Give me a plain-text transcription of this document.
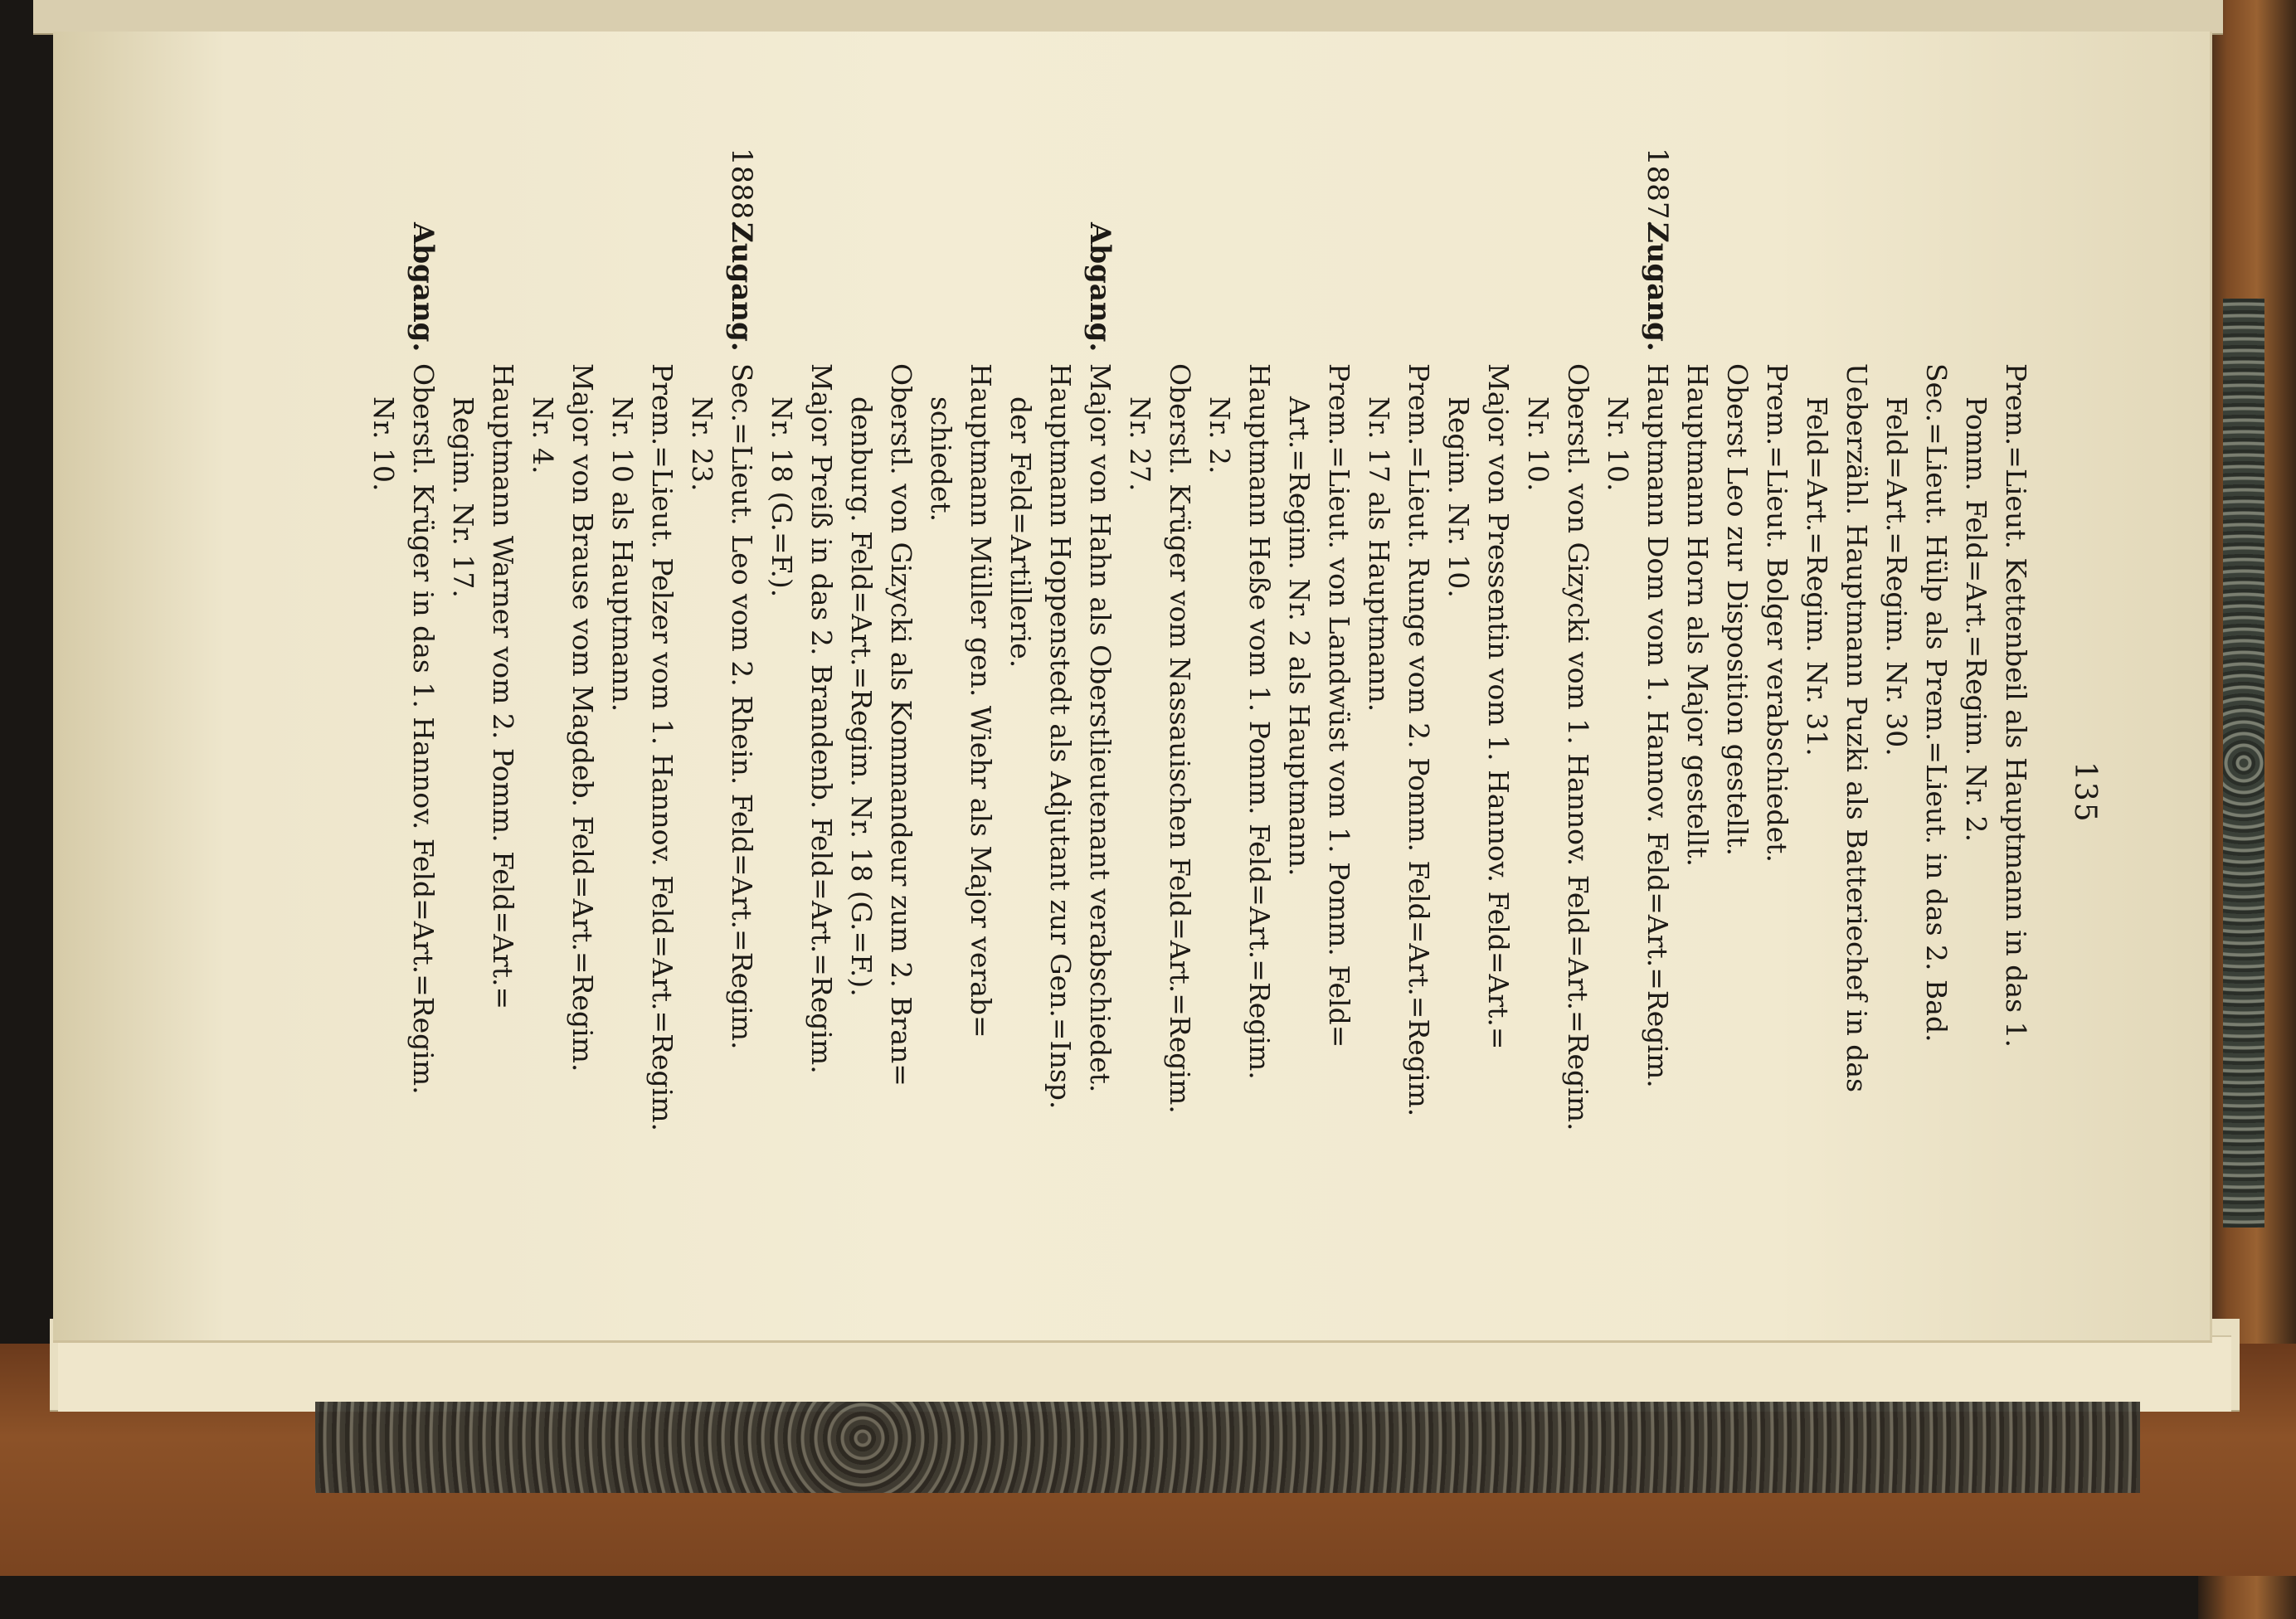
135
Prem.=Lieut. Kettenbeil als Hauptmann in das 1.
Pomm. Feld=Art.=Regim. Nr. 2.
Sec.=Lieut. Hülp als Prem.=Lieut. in das 2. Bad.
Feld=Art.=Regim. Nr. 30.
Ueberzähl. Hauptmann Puzki als Batteriechef in das
Feld=Art.=Regim. Nr. 31.
Prem.=Lieut. Bolger verabschiedet.
Oberst Leo zur Disposition gestellt.
Hauptmann Horn als Major gestellt.
1887.
Zugang.
Hauptmann Dom vom 1. Hannov. Feld=Art.=Regim.
Nr. 10.
Oberstl. von Gizycki vom 1. Hannov. Feld=Art.=Regim.
Nr. 10.
Major von Pressentin vom 1. Hannov. Feld=Art.=
Regim. Nr. 10.
Prem.=Lieut. Runge vom 2. Pomm. Feld=Art.=Regim.
Nr. 17 als Hauptmann.
Prem.=Lieut. von Landwüst vom 1. Pomm. Feld=
Art.=Regim. Nr. 2 als Hauptmann.
Hauptmann Heße vom 1. Pomm. Feld=Art.=Regim.
Nr. 2.
Oberstl. Krüger vom Nassauischen Feld=Art.=Regim.
Nr. 27.
Abgang.
Major von Hahn als Oberstlieutenant verabschiedet.
Hauptmann Hoppenstedt als Adjutant zur Gen.=Insp.
der Feld=Artillerie.
Hauptmann Müller gen. Wiehr als Major verab=
schiedet.
Oberstl. von Gizycki als Kommandeur zum 2. Bran=
denburg. Feld=Art.=Regim. Nr. 18 (G.=F.).
Major Preiß in das 2. Brandenb. Feld=Art.=Regim.
Nr. 18 (G.=F.).
1888.
Zugang.
Sec.=Lieut. Leo vom 2. Rhein. Feld=Art.=Regim.
Nr. 23.
Prem.=Lieut. Pelzer vom 1. Hannov. Feld=Art.=Regim.
Nr. 10 als Hauptmann.
Major von Brause vom Magdeb. Feld=Art.=Regim.
Nr. 4.
Hauptmann Warner vom 2. Pomm. Feld=Art.=
Regim. Nr. 17.
Abgang.
Oberstl. Krüger in das 1. Hannov. Feld=Art.=Regim.
Nr. 10.
